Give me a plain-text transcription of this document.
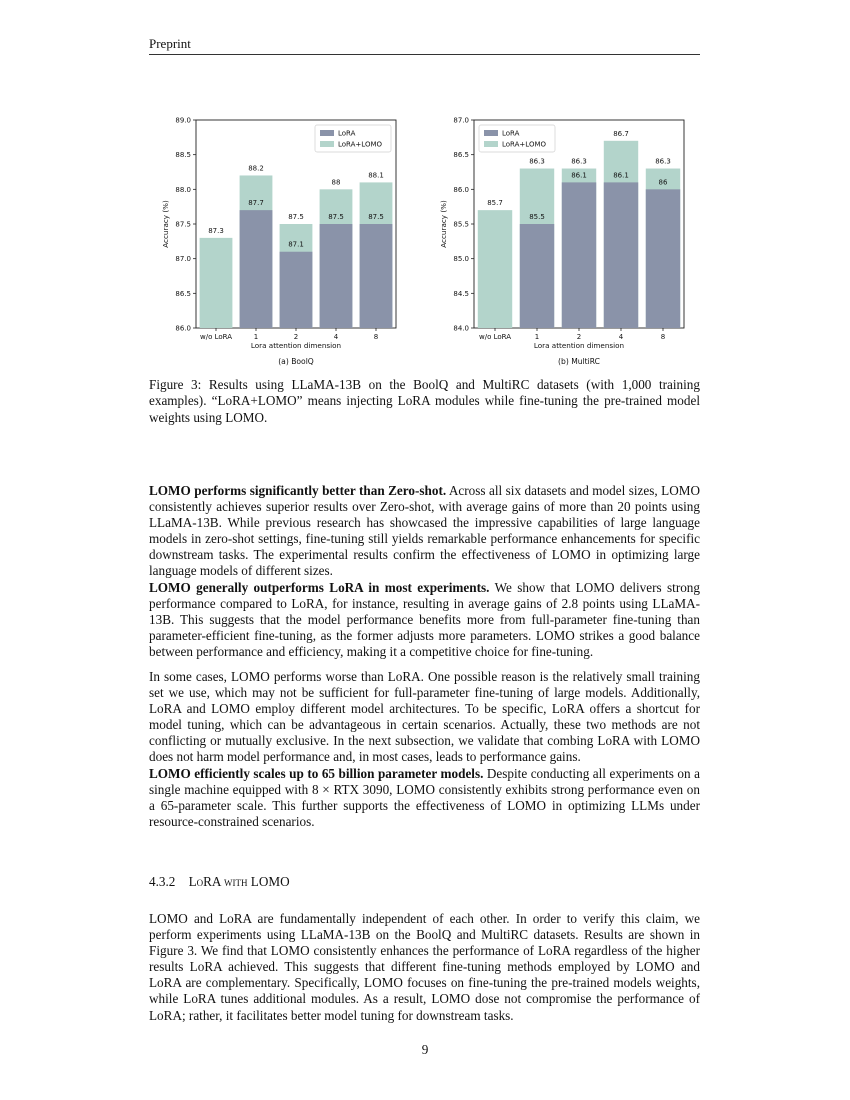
Preprint
86.0
86.5
87.0
87.5
88.0
88.5
89.0
87.3
w/o LoRA
88.2
87.7
1
87.5
87.1
2
88
87.5
4
88.1
87.5
8
Lora attention dimension
Accuracy (%)
(a) BoolQ
LoRA
LoRA+LOMO
84.0
84.5
85.0
85.5
86.0
86.5
87.0
85.7
w/o LoRA
86.3
85.5
1
86.3
86.1
2
86.7
86.1
4
86.3
86
8
Lora attention dimension
Accuracy (%)
(b) MultiRC
LoRA
LoRA+LOMO
Figure 3: Results using LLaMA-13B on the BoolQ and MultiRC datasets (with 1,000 training examples). “LoRA+LOMO” means injecting LoRA modules while fine-tuning the pre-trained model weights using LOMO.
LOMO performs significantly better than Zero-shot. Across all six datasets and model sizes, LOMO consistently achieves superior results over Zero-shot, with average gains of more than 20 points using LLaMA-13B. While previous research has showcased the impressive capabilities of large language models in zero-shot settings, fine-tuning still yields remarkable performance enhancements for specific downstream tasks. The experimental results confirm the effectiveness of LOMO in optimizing large language models of different sizes.
LOMO generally outperforms LoRA in most experiments. We show that LOMO delivers strong performance compared to LoRA, for instance, resulting in average gains of 2.8 points using LLaMA-13B. This suggests that the model performance benefits more from full-parameter fine-tuning than parameter-efficient fine-tuning, as the former adjusts more parameters. LOMO strikes a good balance between performance and efficiency, making it a competitive choice for fine-tuning.
In some cases, LOMO performs worse than LoRA. One possible reason is the relatively small training set we use, which may not be sufficient for full-parameter fine-tuning of large models. Additionally, LoRA and LOMO employ different model architectures. To be specific, LoRA offers a shortcut for model tuning, which can be advantageous in certain scenarios. Actually, these two methods are not conflicting or mutually exclusive. In the next subsection, we validate that combing LoRA with LOMO does not harm model performance and, in most cases, leads to performance gains.
LOMO efficiently scales up to 65 billion parameter models. Despite conducting all experiments on a single machine equipped with 8 × RTX 3090, LOMO consistently exhibits strong performance even on a 65-parameter scale. This further supports the effectiveness of LOMO in optimizing LLMs under resource-constrained scenarios.
4.3.2 LoRA with LOMO
LOMO and LoRA are fundamentally independent of each other. In order to verify this claim, we perform experiments using LLaMA-13B on the BoolQ and MultiRC datasets. Results are shown in Figure 3. We find that LOMO consistently enhances the performance of LoRA regardless of the higher results LoRA achieved. This suggests that different fine-tuning methods employed by LOMO and LoRA are complementary. Specifically, LOMO focuses on fine-tuning the pre-trained models weights, while LoRA tunes additional modules. As a result, LOMO dose not compromise the performance of LoRA; rather, it facilitates better model tuning for downstream tasks.
9
